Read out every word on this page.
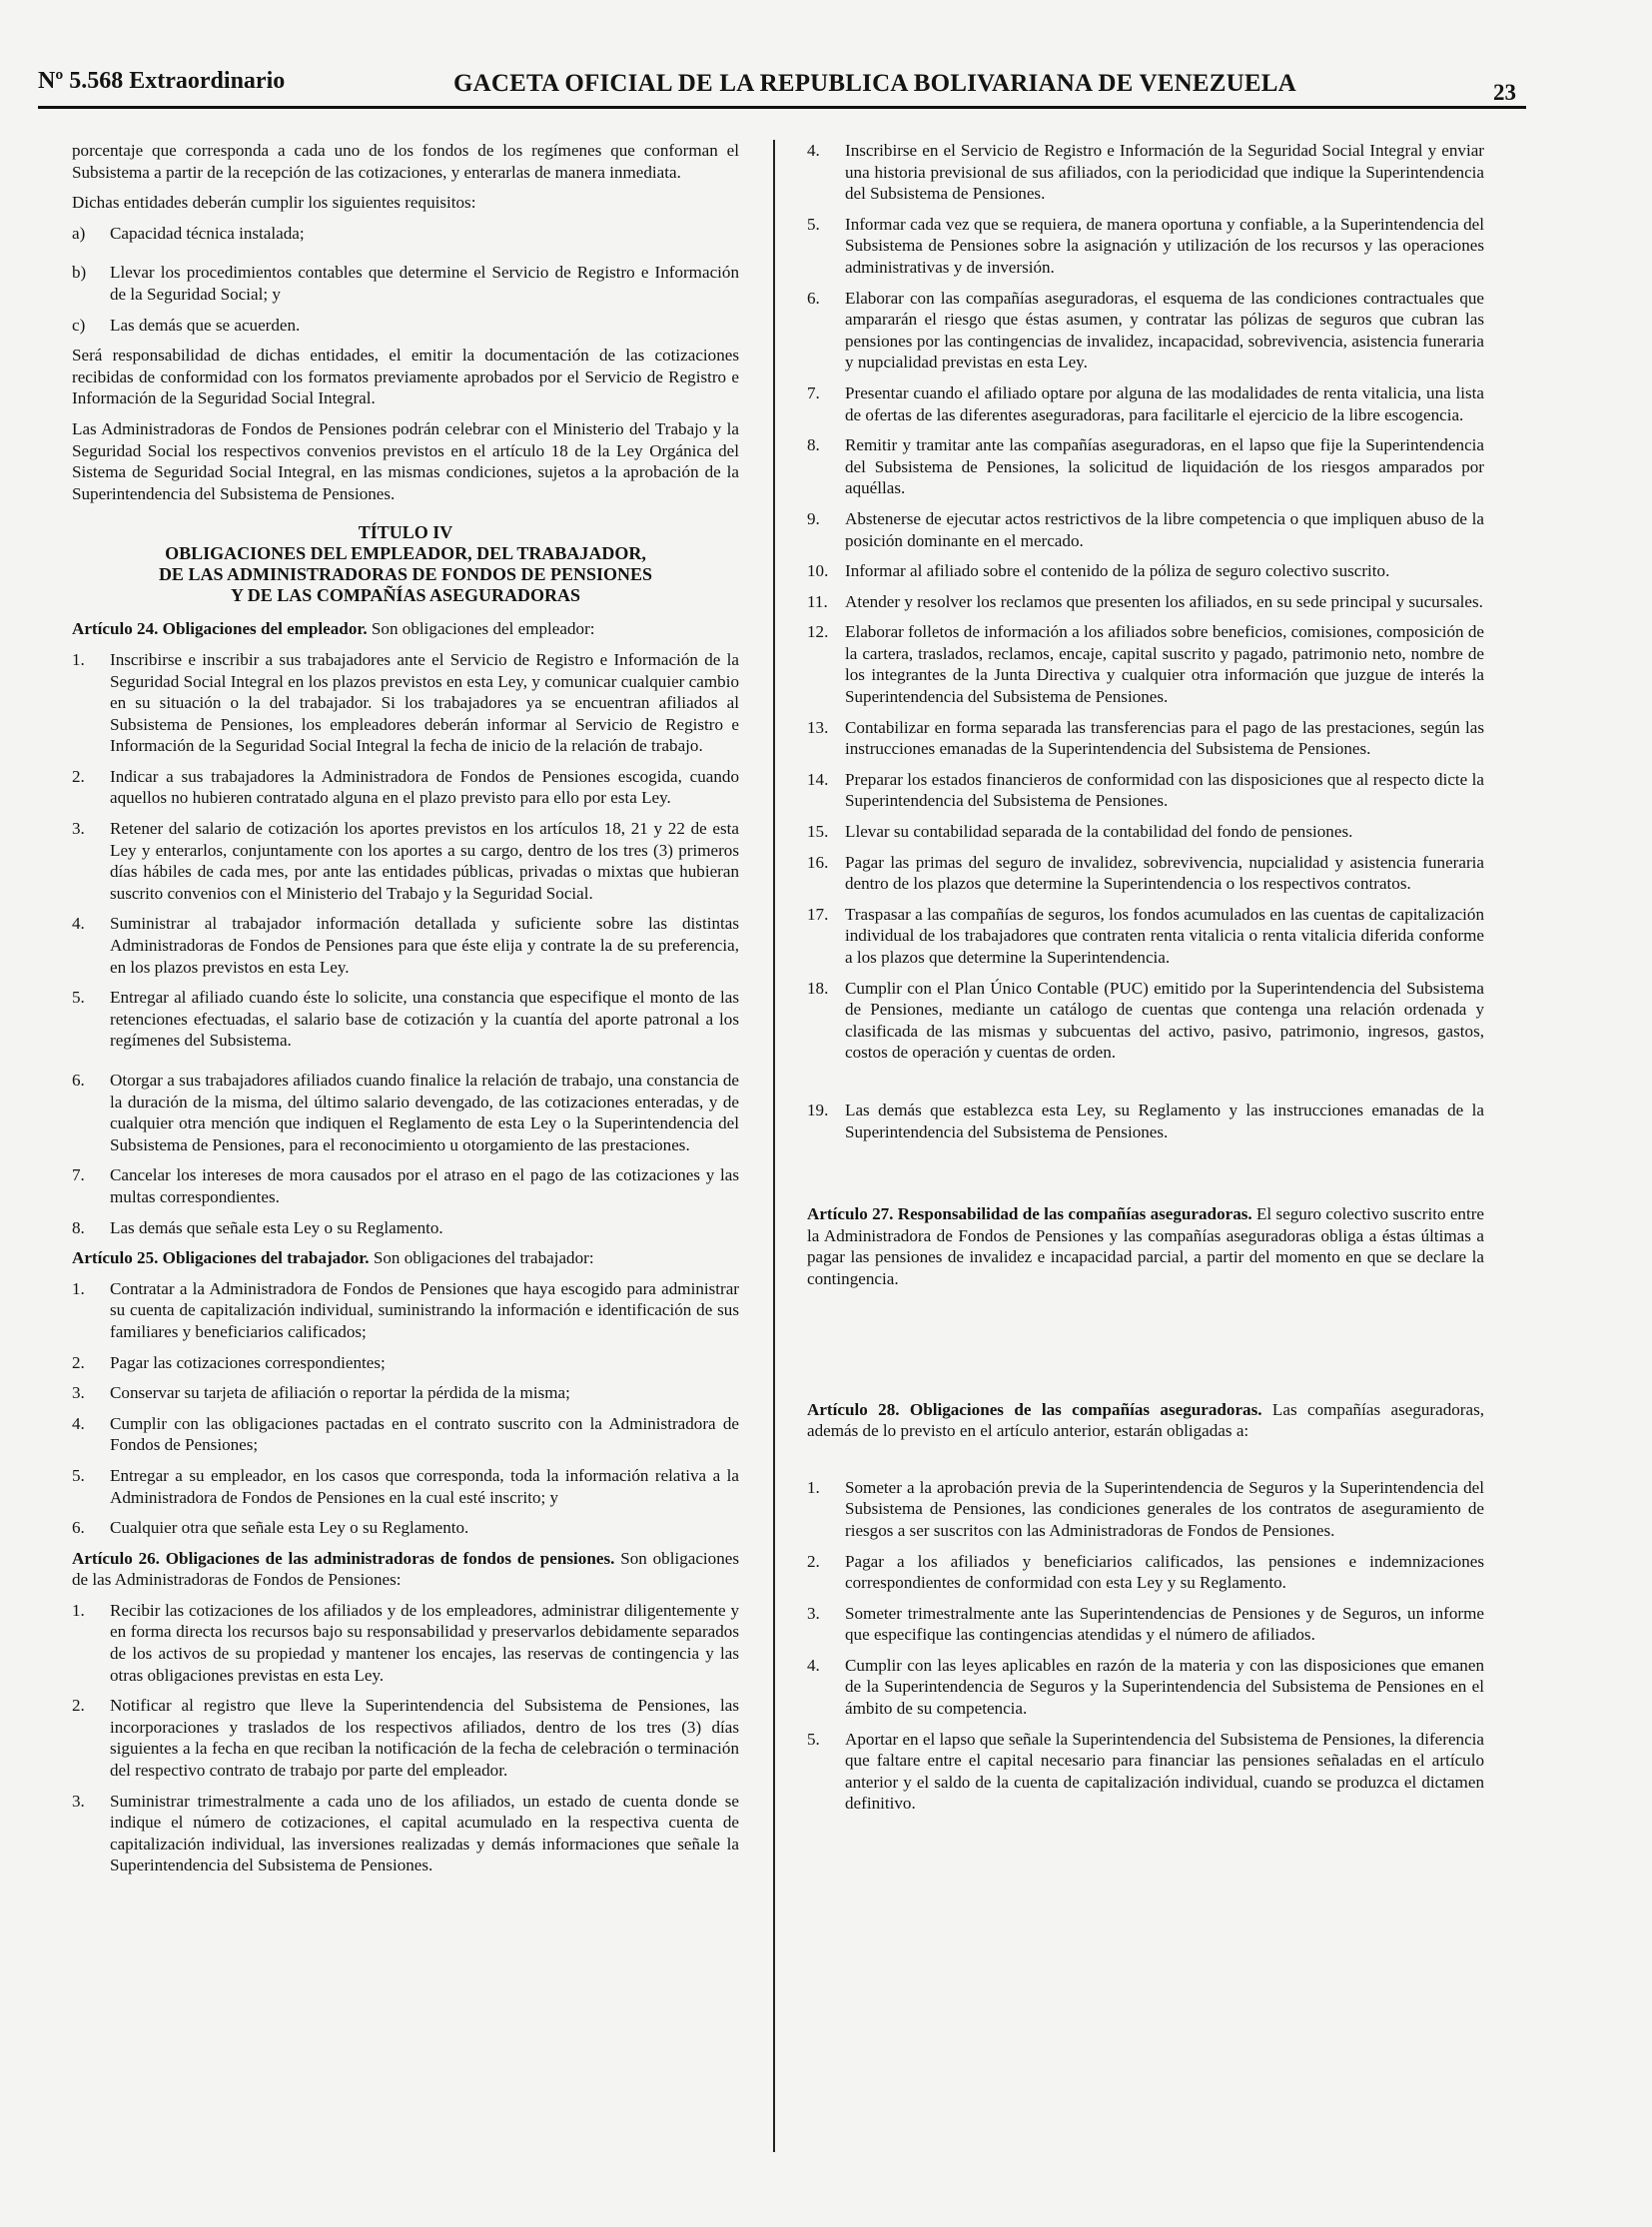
Nº 5.568 Extraordinario	GACETA OFICIAL DE LA REPUBLICA BOLIVARIANA DE VENEZUELA	23

porcentaje que corresponda a cada uno de los fondos de los regímenes que conforman el Subsistema a partir de la recepción de las cotizaciones, y enterarlas de manera inmediata.

Dichas entidades deberán cumplir los siguientes requisitos:

a)	Capacidad técnica instalada;
b)	Llevar los procedimientos contables que determine el Servicio de Registro e Información de la Seguridad Social; y
c)	Las demás que se acuerden.

Será responsabilidad de dichas entidades, el emitir la documentación de las cotizaciones recibidas de conformidad con los formatos previamente aprobados por el Servicio de Registro e Información de la Seguridad Social Integral.

Las Administradoras de Fondos de Pensiones podrán celebrar con el Ministerio del Trabajo y la Seguridad Social los respectivos convenios previstos en el artículo 18 de la Ley Orgánica del Sistema de Seguridad Social Integral, en las mismas condiciones, sujetos a la aprobación de la Superintendencia del Subsistema de Pensiones.

TÍTULO IV
OBLIGACIONES DEL EMPLEADOR, DEL TRABAJADOR,
DE LAS ADMINISTRADORAS DE FONDOS DE PENSIONES
Y DE LAS COMPAÑÍAS ASEGURADORAS

Artículo 24. Obligaciones del empleador. Son obligaciones del empleador:

1.	Inscribirse e inscribir a sus trabajadores ante el Servicio de Registro e Información de la Seguridad Social Integral en los plazos previstos en esta Ley, y comunicar cualquier cambio en su situación o la del trabajador. Si los trabajadores ya se encuentran afiliados al Subsistema de Pensiones, los empleadores deberán informar al Servicio de Registro e Información de la Seguridad Social Integral la fecha de inicio de la relación de trabajo.
2.	Indicar a sus trabajadores la Administradora de Fondos de Pensiones escogida, cuando aquellos no hubieren contratado alguna en el plazo previsto para ello por esta Ley.
3.	Retener del salario de cotización los aportes previstos en los artículos 18, 21 y 22 de esta Ley y enterarlos, conjuntamente con los aportes a su cargo, dentro de los tres (3) primeros días hábiles de cada mes, por ante las entidades públicas, privadas o mixtas que hubieran suscrito convenios con el Ministerio del Trabajo y la Seguridad Social.
4.	Suministrar al trabajador información detallada y suficiente sobre las distintas Administradoras de Fondos de Pensiones para que éste elija y contrate la de su preferencia, en los plazos previstos en esta Ley.
5.	Entregar al afiliado cuando éste lo solicite, una constancia que especifique el monto de las retenciones efectuadas, el salario base de cotización y la cuantía del aporte patronal a los regímenes del Subsistema.
6.	Otorgar a sus trabajadores afiliados cuando finalice la relación de trabajo, una constancia de la duración de la misma, del último salario devengado, de las cotizaciones enteradas, y de cualquier otra mención que indiquen el Reglamento de esta Ley o la Superintendencia del Subsistema de Pensiones, para el reconocimiento u otorgamiento de las prestaciones.
7.	Cancelar los intereses de mora causados por el atraso en el pago de las cotizaciones y las multas correspondientes.
8.	Las demás que señale esta Ley o su Reglamento.

Artículo 25. Obligaciones del trabajador. Son obligaciones del trabajador:

1.	Contratar a la Administradora de Fondos de Pensiones que haya escogido para administrar su cuenta de capitalización individual, suministrando la información e identificación de sus familiares y beneficiarios calificados;
2.	Pagar las cotizaciones correspondientes;
3.	Conservar su tarjeta de afiliación o reportar la pérdida de la misma;
4.	Cumplir con las obligaciones pactadas en el contrato suscrito con la Administradora de Fondos de Pensiones;
5.	Entregar a su empleador, en los casos que corresponda, toda la información relativa a la Administradora de Fondos de Pensiones en la cual esté inscrito; y
6.	Cualquier otra que señale esta Ley o su Reglamento.

Artículo 26. Obligaciones de las administradoras de fondos de pensiones. Son obligaciones de las Administradoras de Fondos de Pensiones:

1.	Recibir las cotizaciones de los afiliados y de los empleadores, administrar diligentemente y en forma directa los recursos bajo su responsabilidad y preservarlos debidamente separados de los activos de su propiedad y mantener los encajes, las reservas de contingencia y las otras obligaciones previstas en esta Ley.
2.	Notificar al registro que lleve la Superintendencia del Subsistema de Pensiones, las incorporaciones y traslados de los respectivos afiliados, dentro de los tres (3) días siguientes a la fecha en que reciban la notificación de la fecha de celebración o terminación del respectivo contrato de trabajo por parte del empleador.
3.	Suministrar trimestralmente a cada uno de los afiliados, un estado de cuenta donde se indique el número de cotizaciones, el capital acumulado en la respectiva cuenta de capitalización individual, las inversiones realizadas y demás informaciones que señale la Superintendencia del Subsistema de Pensiones.
4.	Inscribirse en el Servicio de Registro e Información de la Seguridad Social Integral y enviar una historia previsional de sus afiliados, con la periodicidad que indique la Superintendencia del Subsistema de Pensiones.
5.	Informar cada vez que se requiera, de manera oportuna y confiable, a la Superintendencia del Subsistema de Pensiones sobre la asignación y utilización de los recursos y las operaciones administrativas y de inversión.
6.	Elaborar con las compañías aseguradoras, el esquema de las condiciones contractuales que ampararán el riesgo que éstas asumen, y contratar las pólizas de seguros que cubran las pensiones por las contingencias de invalidez, incapacidad, sobrevivencia, asistencia funeraria y nupcialidad previstas en esta Ley.
7.	Presentar cuando el afiliado optare por alguna de las modalidades de renta vitalicia, una lista de ofertas de las diferentes aseguradoras, para facilitarle el ejercicio de la libre escogencia.
8.	Remitir y tramitar ante las compañías aseguradoras, en el lapso que fije la Superintendencia del Subsistema de Pensiones, la solicitud de liquidación de los riesgos amparados por aquéllas.
9.	Abstenerse de ejecutar actos restrictivos de la libre competencia o que impliquen abuso de la posición dominante en el mercado.
10. Informar al afiliado sobre el contenido de la póliza de seguro colectivo suscrito.
11.	Atender y resolver los reclamos que presenten los afiliados, en su sede principal y sucursales.
12. Elaborar folletos de información a los afiliados sobre beneficios, comisiones, composición de la cartera, traslados, reclamos, encaje, capital suscrito y pagado, patrimonio neto, nombre de los integrantes de la Junta Directiva y cualquier otra información que juzgue de interés la Superintendencia del Subsistema de Pensiones.
13. Contabilizar en forma separada las transferencias para el pago de las prestaciones, según las instrucciones emanadas de la Superintendencia del Subsistema de Pensiones.
14. Preparar los estados financieros de conformidad con las disposiciones que al respecto dicte la Superintendencia del Subsistema de Pensiones.
15. Llevar su contabilidad separada de la contabilidad del fondo de pensiones.
16. Pagar las primas del seguro de invalidez, sobrevivencia, nupcialidad y asistencia funeraria dentro de los plazos que determine la Superintendencia o los respectivos contratos.
17. Traspasar a las compañías de seguros, los fondos acumulados en las cuentas de capitalización individual de los trabajadores que contraten renta vitalicia o renta vitalicia diferida conforme a los plazos que determine la Superintendencia.
18. Cumplir con el Plan Único Contable (PUC) emitido por la Superintendencia del Subsistema de Pensiones, mediante un catálogo de cuentas que contenga una relación ordenada y clasificada de las mismas y subcuentas del activo, pasivo, patrimonio, ingresos, gastos, costos de operación y cuentas de orden.
19. Las demás que establezca esta Ley, su Reglamento y las instrucciones emanadas de la Superintendencia del Subsistema de Pensiones.

Artículo 27. Responsabilidad de las compañías aseguradoras. El seguro colectivo suscrito entre la Administradora de Fondos de Pensiones y las compañías aseguradoras obliga a éstas últimas a pagar las pensiones de invalidez e incapacidad parcial, a partir del momento en que se declare la contingencia.

Artículo 28. Obligaciones de las compañías aseguradoras. Las compañías aseguradoras, además de lo previsto en el artículo anterior, estarán obligadas a:

1.	Someter a la aprobación previa de la Superintendencia de Seguros y la Superintendencia del Subsistema de Pensiones, las condiciones generales de los contratos de aseguramiento de riesgos a ser suscritos con las Administradoras de Fondos de Pensiones.
2.	Pagar a los afiliados y beneficiarios calificados, las pensiones e indemnizaciones correspondientes de conformidad con esta Ley y su Reglamento.
3.	Someter trimestralmente ante las Superintendencias de Pensiones y de Seguros, un informe que especifique las contingencias atendidas y el número de afiliados.
4.	Cumplir con las leyes aplicables en razón de la materia y con las disposiciones que emanen de la Superintendencia de Seguros y la Superintendencia del Subsistema de Pensiones en el ámbito de su competencia.
5.	Aportar en el lapso que señale la Superintendencia del Subsistema de Pensiones, la diferencia que faltare entre el capital necesario para financiar las pensiones señaladas en el artículo anterior y el saldo de la cuenta de capitalización individual, cuando se produzca el dictamen definitivo.
